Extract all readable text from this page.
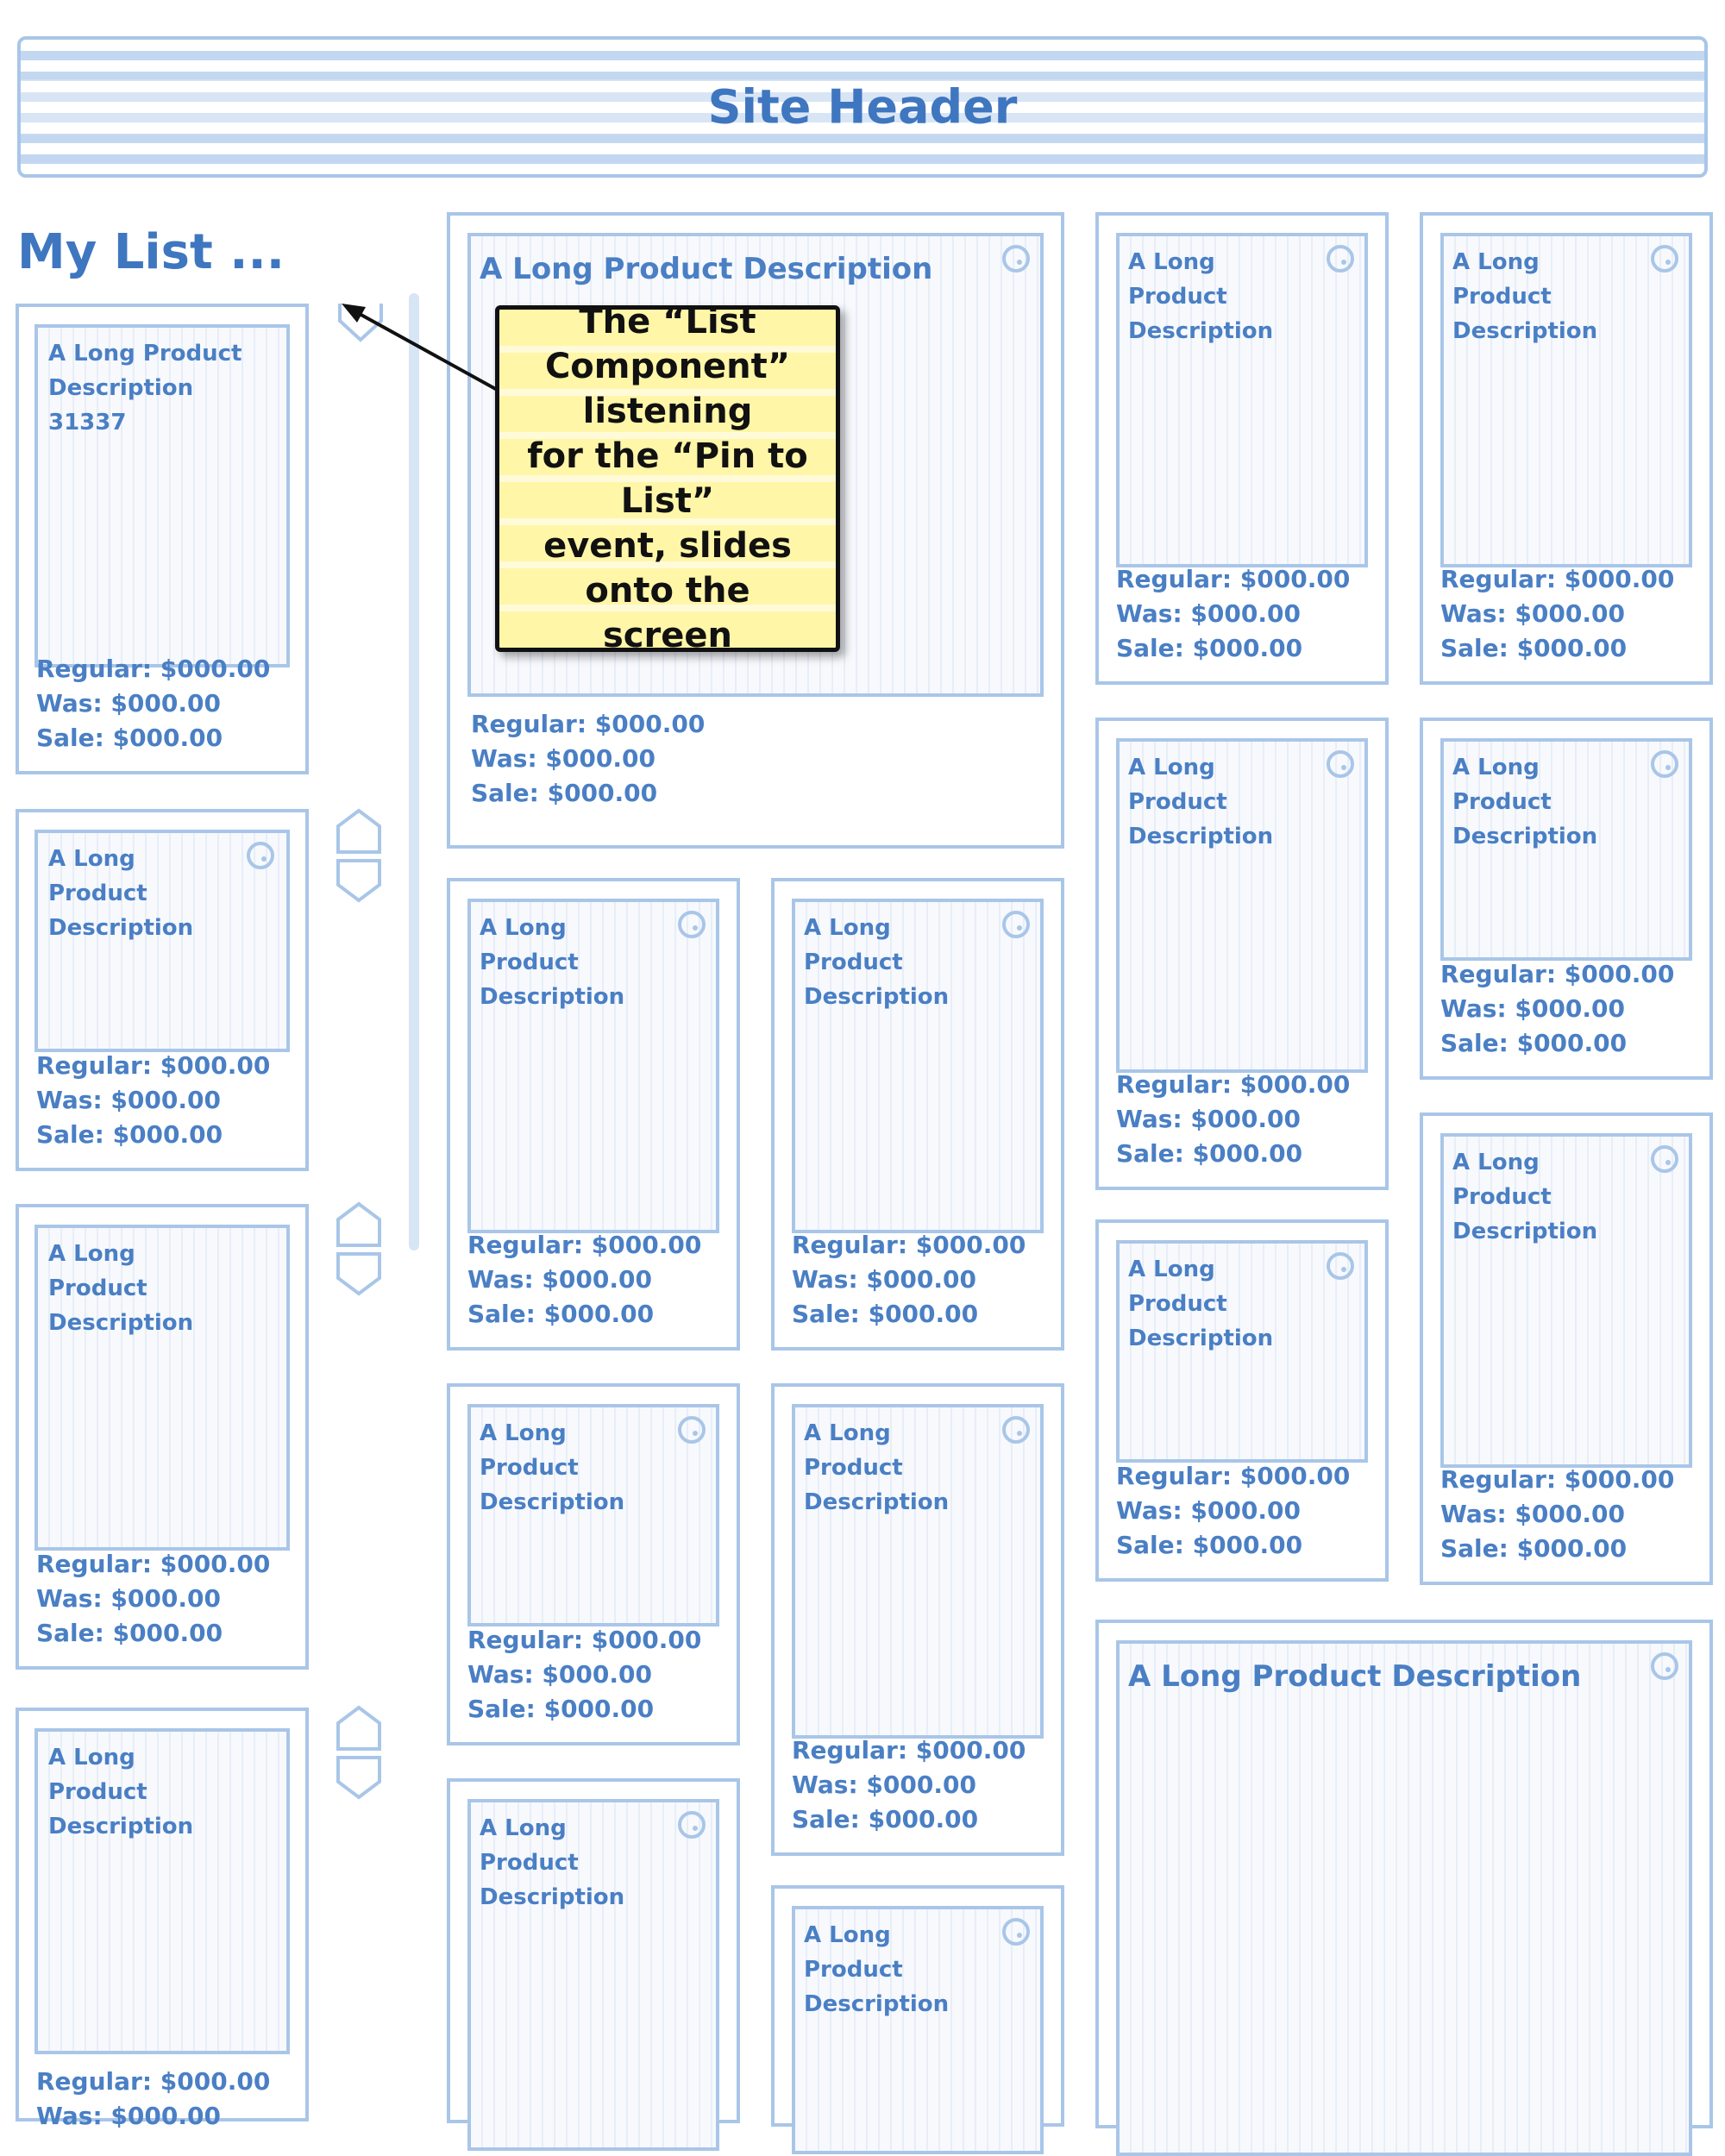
Site Header
My List ...
A Long Product Description 31337
Regular: $000.00
Was: $000.00
Sale: $000.00
A Long Product Description
Regular: $000.00
Was: $000.00
Sale: $000.00
A Long Product Description
Regular: $000.00
Was: $000.00
Sale: $000.00
A Long Product Description
Regular: $000.00
Was: $000.00
A Long Product Description
Regular: $000.00
Was: $000.00
Sale: $000.00
A Long Product Description
Regular: $000.00
Was: $000.00
Sale: $000.00
A Long Product Description
Regular: $000.00
Was: $000.00
Sale: $000.00
A Long Product Description
Regular: $000.00
Was: $000.00
Sale: $000.00
A Long Product Description
Regular: $000.00
Was: $000.00
Sale: $000.00
A Long Product Description
A Long Product Description
A Long Product Description
Regular: $000.00
Was: $000.00
Sale: $000.00
A Long Product Description
Regular: $000.00
Was: $000.00
Sale: $000.00
A Long Product Description
Regular: $000.00
Was: $000.00
Sale: $000.00
A Long Product Description
Regular: $000.00
Was: $000.00
Sale: $000.00
A Long Product Description
Regular: $000.00
Was: $000.00
Sale: $000.00
A Long Product Description
Regular: $000.00
Was: $000.00
Sale: $000.00
A Long Product Description
The “List
Component” listening
for the “Pin to List”
event, slides onto the
screen
